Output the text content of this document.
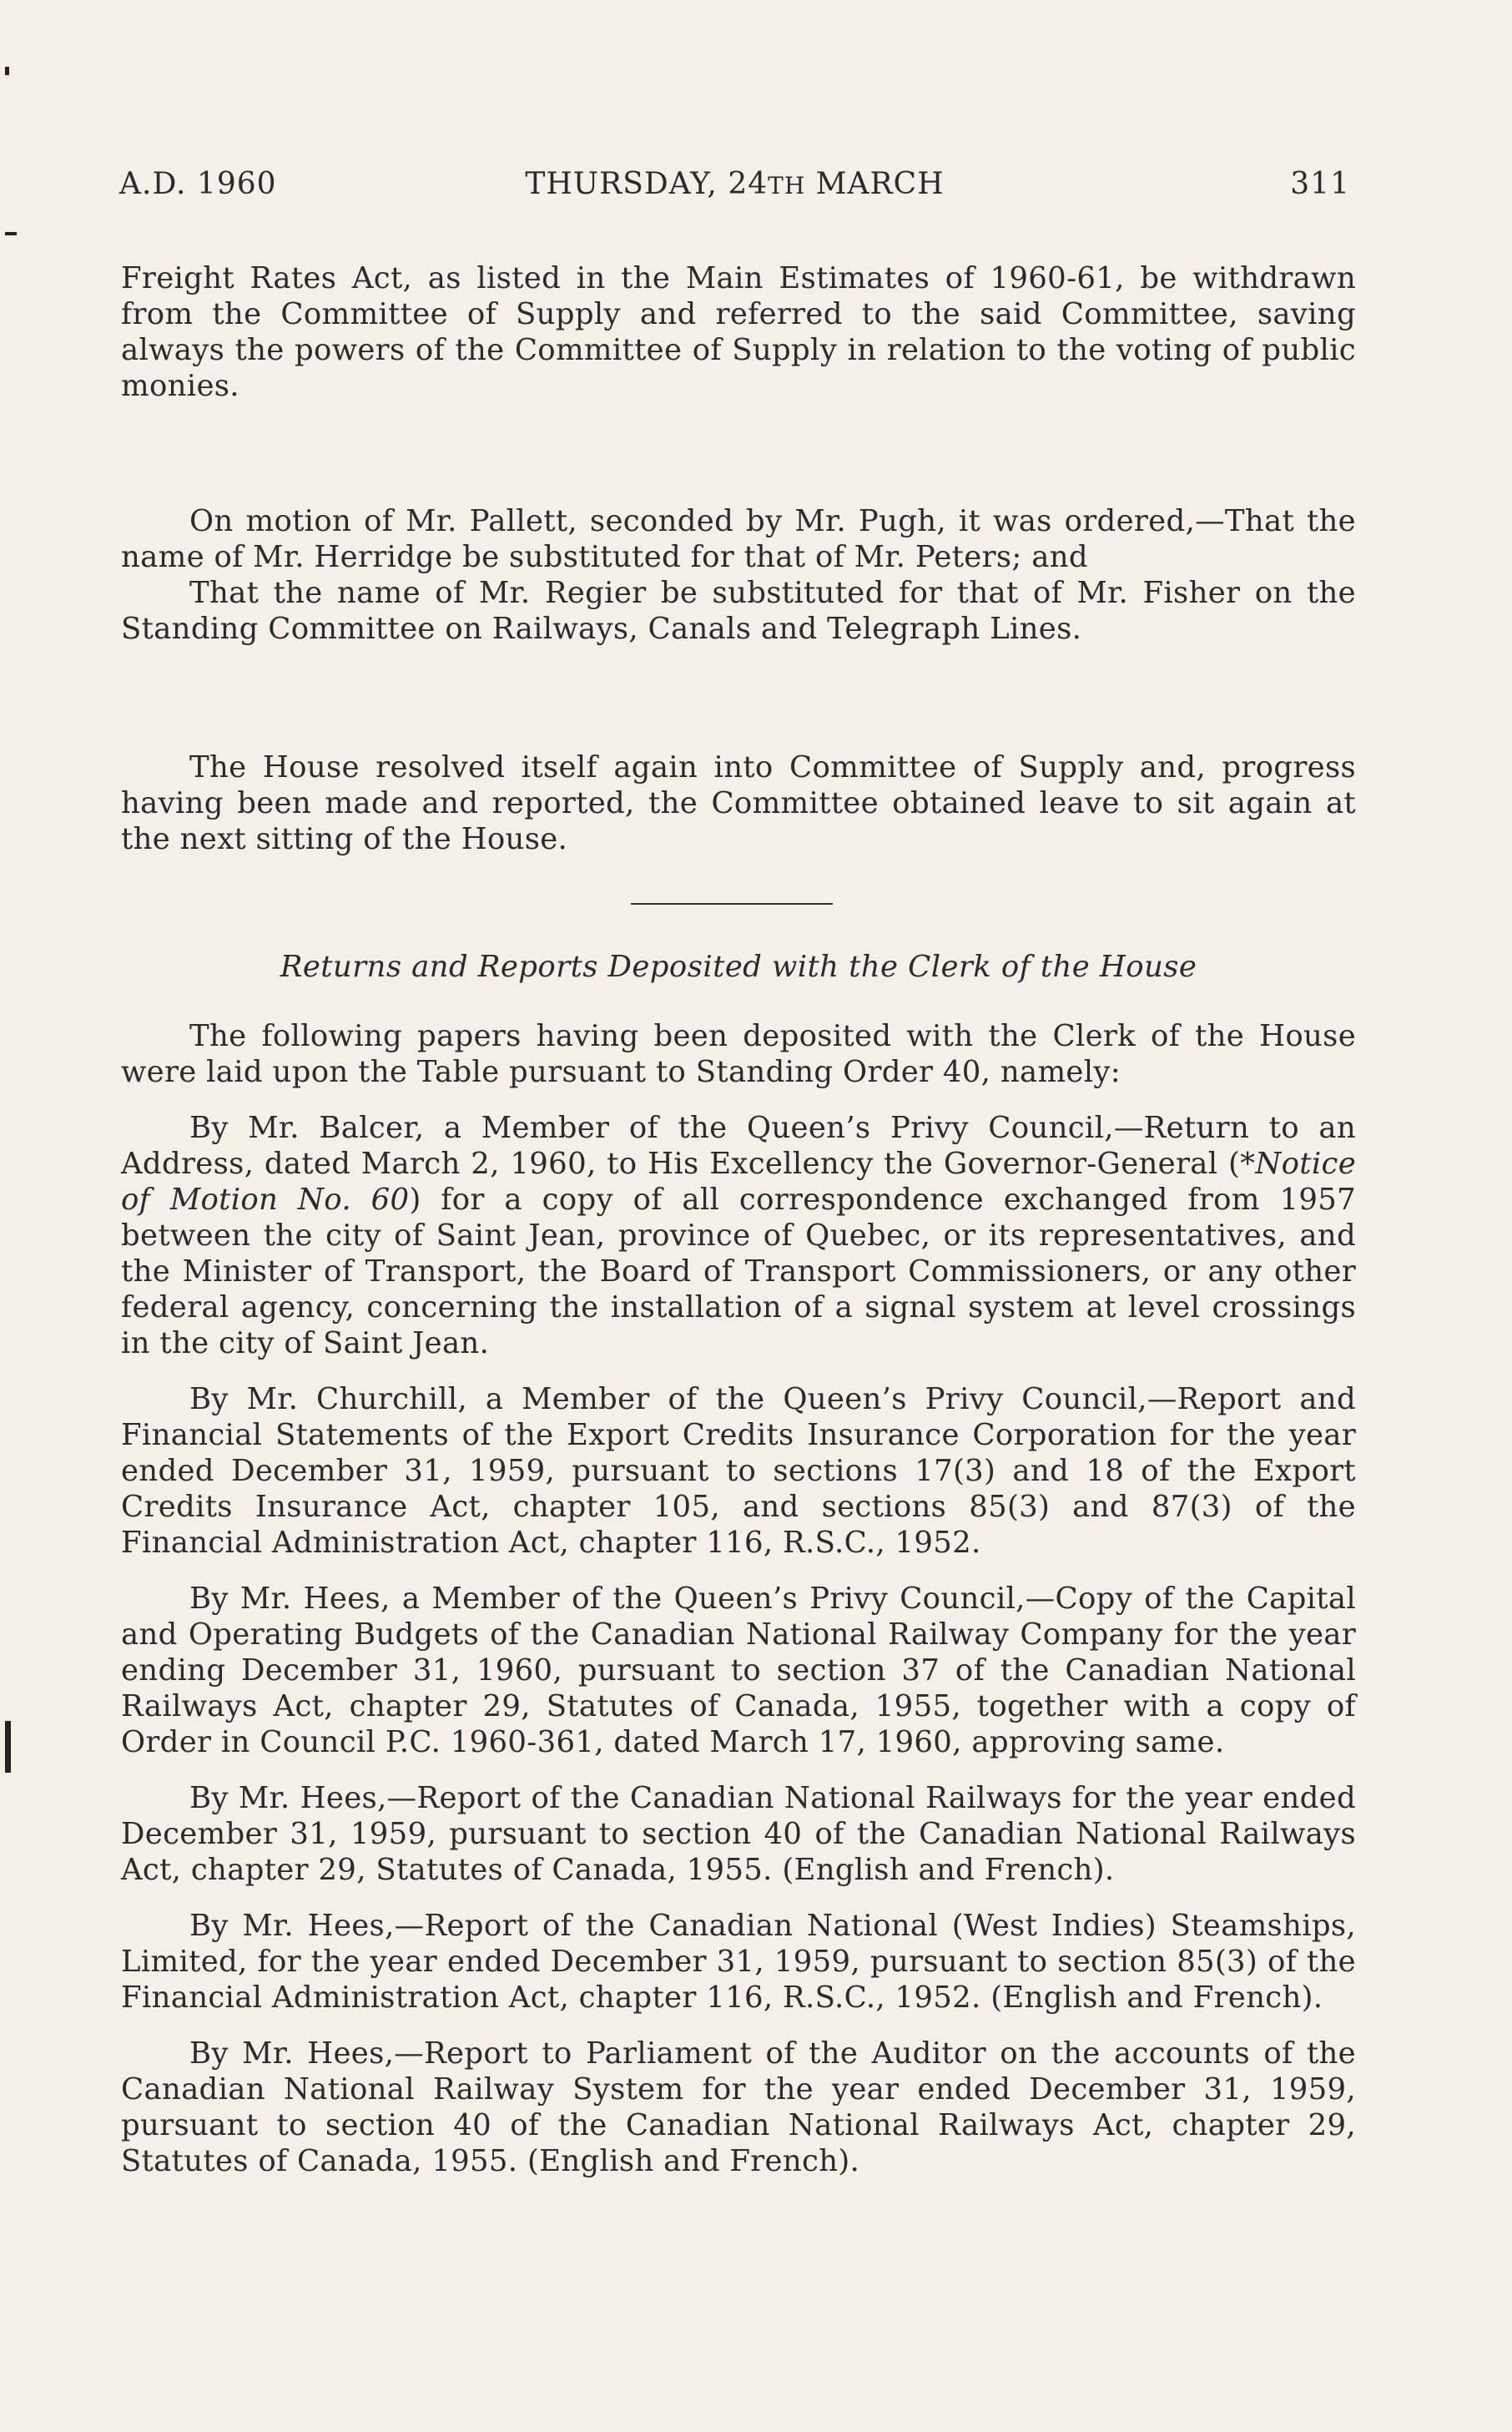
A.D. 1960	THURSDAY, 24TH MARCH	311

Freight Rates Act, as listed in the Main Estimates of 1960-61, be withdrawn from the Committee of Supply and referred to the said Committee, saving always the powers of the Committee of Supply in relation to the voting of public monies.

On motion of Mr. Pallett, seconded by Mr. Pugh, it was ordered,—That the name of Mr. Herridge be substituted for that of Mr. Peters; and

That the name of Mr. Regier be substituted for that of Mr. Fisher on the Standing Committee on Railways, Canals and Telegraph Lines.

The House resolved itself again into Committee of Supply and, progress having been made and reported, the Committee obtained leave to sit again at the next sitting of the House.

Returns and Reports Deposited with the Clerk of the House

The following papers having been deposited with the Clerk of the House were laid upon the Table pursuant to Standing Order 40, namely:

By Mr. Balcer, a Member of the Queen’s Privy Council,—Return to an Address, dated March 2, 1960, to His Excellency the Governor-General (*Notice of Motion No. 60) for a copy of all correspondence exchanged from 1957 between the city of Saint Jean, province of Quebec, or its representatives, and the Minister of Transport, the Board of Transport Commissioners, or any other federal agency, concerning the installation of a signal system at level crossings in the city of Saint Jean.

By Mr. Churchill, a Member of the Queen’s Privy Council,—Report and Financial Statements of the Export Credits Insurance Corporation for the year ended December 31, 1959, pursuant to sections 17(3) and 18 of the Export Credits Insurance Act, chapter 105, and sections 85(3) and 87(3) of the Financial Administration Act, chapter 116, R.S.C., 1952.

By Mr. Hees, a Member of the Queen’s Privy Council,—Copy of the Capital and Operating Budgets of the Canadian National Railway Company for the year ending December 31, 1960, pursuant to section 37 of the Canadian National Railways Act, chapter 29, Statutes of Canada, 1955, together with a copy of Order in Council P.C. 1960-361, dated March 17, 1960, approving same.

By Mr. Hees,—Report of the Canadian National Railways for the year ended December 31, 1959, pursuant to section 40 of the Canadian National Railways Act, chapter 29, Statutes of Canada, 1955. (English and French).

By Mr. Hees,—Report of the Canadian National (West Indies) Steamships, Limited, for the year ended December 31, 1959, pursuant to section 85(3) of the Financial Administration Act, chapter 116, R.S.C., 1952. (English and French).

By Mr. Hees,—Report to Parliament of the Auditor on the accounts of the Canadian National Railway System for the year ended December 31, 1959, pursuant to section 40 of the Canadian National Railways Act, chapter 29, Statutes of Canada, 1955. (English and French).
